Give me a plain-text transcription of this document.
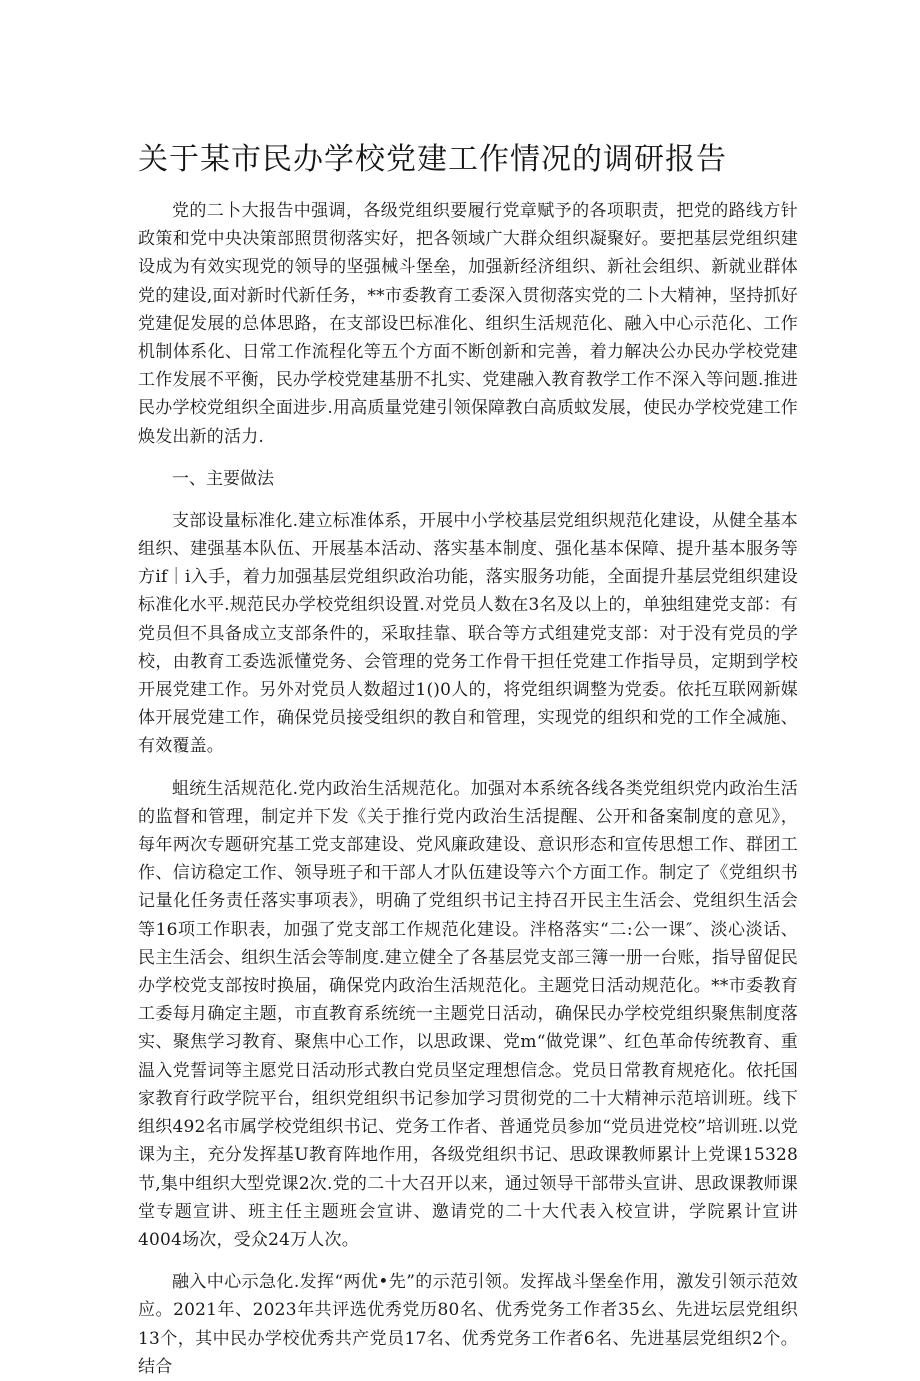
关于某市民办学校党建工作情况的调研报告

党的二卜大报告中强调，各级党组织要履行党章赋予的各项职责，把党的路线方针政策和党中央决策部照贯彻落实好，把各领域广大群众组织凝聚好。要把基层党组织建设成为有效实现党的领导的坚强械斗堡垒，加强新经济组织、新社会组织、新就业群体党的建设,面对新时代新任务，**市委教育工委深入贯彻落实党的二卜大精神，坚持抓好党建促发展的总体思路，在支部设巴标准化、组织生活规范化、融入中心示范化、工作机制体系化、日常工作流程化等五个方面不断创新和完善，着力解决公办民办学校党建工作发展不平衡，民办学校党建基册不扎实、党建融入教育教学工作不深入等问题.推进民办学校党组织全面进步.用高质量党建引领保障教白高质蚊发展，使民办学校党建工作焕发出新的活力.

一、主要做法

支部设量标准化.建立标准体系，开展中小学校基层党组织规范化建设，从健全基本组织、建强基本队伍、开展基本活动、落实基本制度、强化基本保障、提升基本服务等方if｜i入手，着力加强基层党组织政治功能，落实服务功能，全面提升基层党组织建设标准化水平.规范民办学校党组织设置.对党员人数在3名及以上的，单独组建党支部：有党员但不具备成立支部条件的，采取挂靠、联合等方式组建党支部：对于没有党员的学校，由教育工委选派懂党务、会管理的党务工作骨干担任党建工作指导员，定期到学校开展党建工作。另外对党员人数超过1()0人的，将党组织调整为党委。依托互联网新媒体开展党建工作，确保党员接受组织的教自和管理，实现党的组织和党的工作全减施、有效覆盖。

蛆统生活规范化.党内政治生活规范化。加强对本系统各线各类党组织党内政治生活的监督和管理，制定并下发《关于推行党内政治生活提醒、公开和备案制度的意见》，每年两次专题研究基工党支部建设、党风廉政建设、意识形态和宣传思想工作、群团工作、信访稳定工作、领导班子和干部人才队伍建设等六个方面工作。制定了《党组织书记量化任务责任落实事项表》，明确了党组织书记主持召开民主生活会、党组织生活会等16项工作职表，加强了党支部工作规范化建设。泮格落实“二:公一课″、淡心淡话、民主生活会、组织生活会等制度.建立健全了各基层党支部三簿一册一台账，指导留促民办学校党支部按时换届，确保党内政治生活规范化。主题党日活动规范化。**市委教育工委每月确定主题，市直教育系统统一主题党日活动，确保民办学校党组织聚焦制度落实、聚焦学习教育、聚焦中心工作，以思政课、党m“做党课”、红色革命传统教育、重温入党誓词等主愿党日活动形式教白党员坚定理想信念。党员日常教育规疮化。依托国家教育行政学院平台，组织党组织书记参加学习贯彻党的二十大精神示范培训班。线下组织492名市属学校党组织书记、党务工作者、普通党员参加“党员进党校”培训班.以党课为主，充分发挥基U教育阵地作用，各级党组织书记、思政课教师累计上党课15328节,集中组织大型党课2次.党的二十大召开以来，通过领导干部带头宣讲、思政课教师课堂专题宣讲、班主任主题班会宣讲、邀请党的二十大代表入校宣讲，学院累计宣讲4004场次，受众24万人次。

融入中心示急化.发挥“两优•先”的示范引领。发挥战斗堡垒作用，激发引领示范效应。2021年、2023年共评选优秀党历80名、优秀党务工作者35幺、先进坛层党组织13个，其中民办学校优秀共产党员17名、优秀党务工作者6名、先进基层党组织2个。结合
